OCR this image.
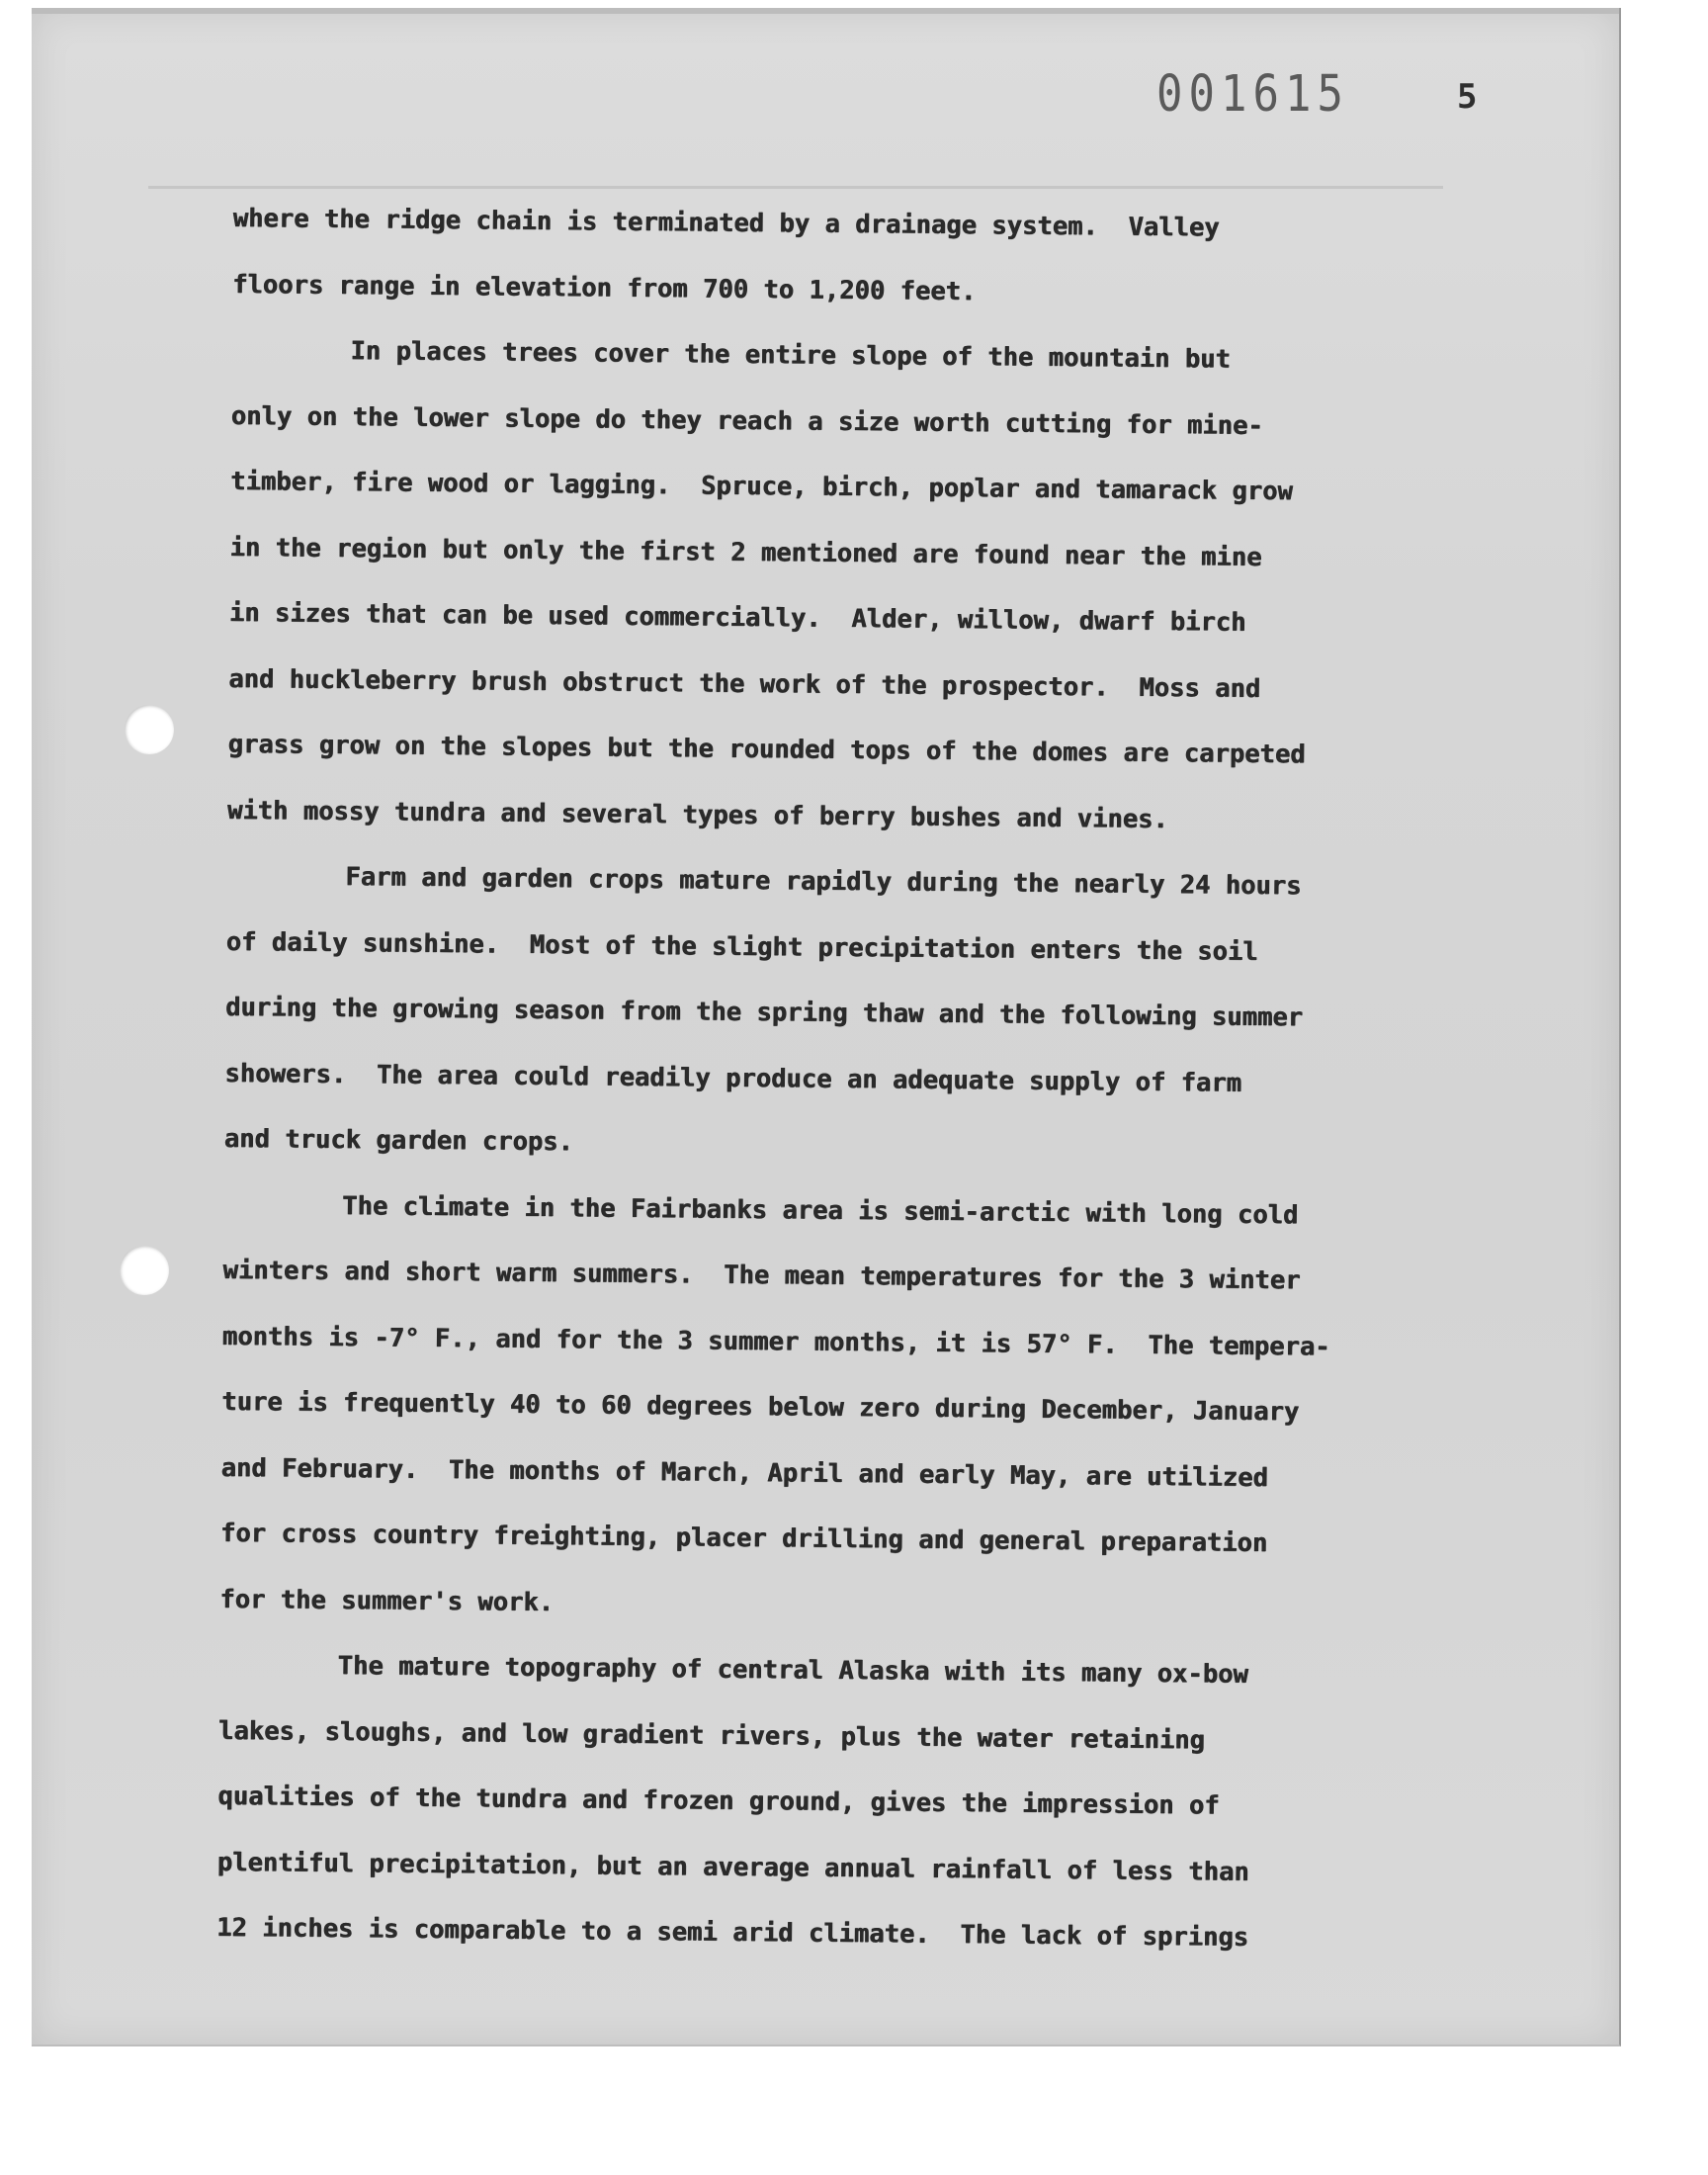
001615	5
where the ridge chain is terminated by a drainage system.  Valley
floors range in elevation from 700 to 1,200 feet.
In places trees cover the entire slope of the mountain but
only on the lower slope do they reach a size worth cutting for mine-
timber, fire wood or lagging.  Spruce, birch, poplar and tamarack grow
in the region but only the first 2 mentioned are found near the mine
in sizes that can be used commercially.  Alder, willow, dwarf birch
and huckleberry brush obstruct the work of the prospector.  Moss and
grass grow on the slopes but the rounded tops of the domes are carpeted
with mossy tundra and several types of berry bushes and vines.
Farm and garden crops mature rapidly during the nearly 24 hours
of daily sunshine.  Most of the slight precipitation enters the soil
during the growing season from the spring thaw and the following summer
showers.  The area could readily produce an adequate supply of farm
and truck garden crops.
The climate in the Fairbanks area is semi-arctic with long cold
winters and short warm summers.  The mean temperatures for the 3 winter
months is -7° F., and for the 3 summer months, it is 57° F.  The tempera-
ture is frequently 40 to 60 degrees below zero during December, January
and February.  The months of March, April and early May, are utilized
for cross country freighting, placer drilling and general preparation
for the summer's work.
The mature topography of central Alaska with its many ox-bow
lakes, sloughs, and low gradient rivers, plus the water retaining
qualities of the tundra and frozen ground, gives the impression of
plentiful precipitation, but an average annual rainfall of less than
12 inches is comparable to a semi arid climate.  The lack of springs
